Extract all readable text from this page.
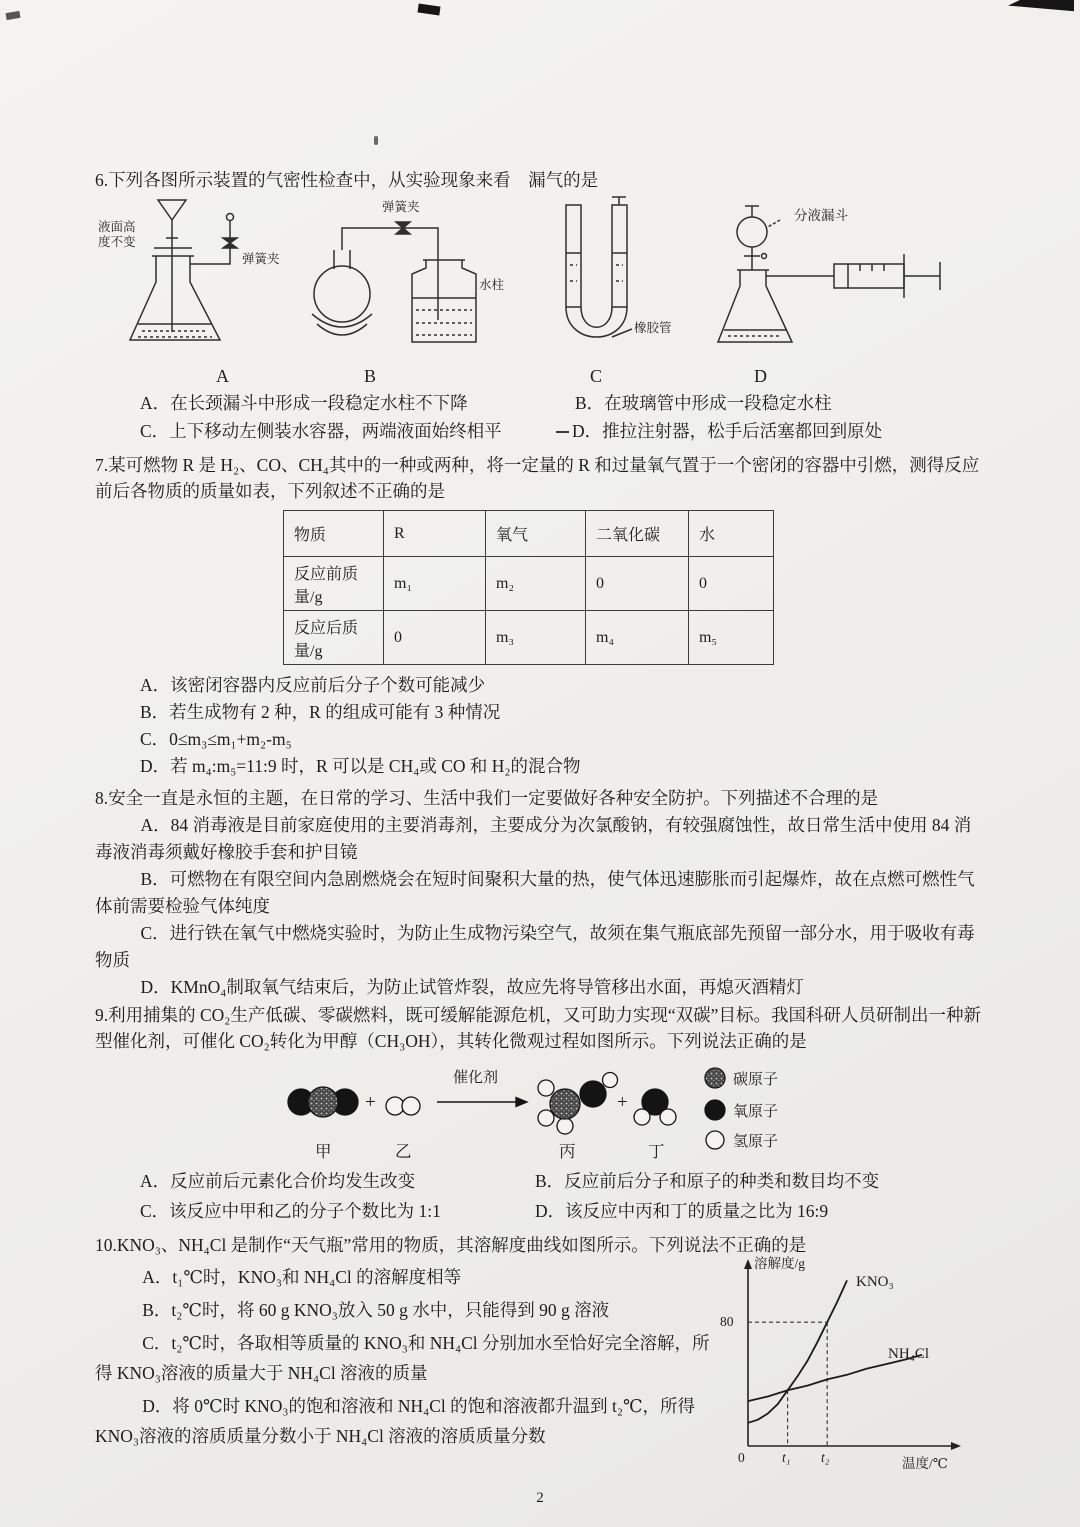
6.下列各图所示装置的气密性检查中，从实验现象来看　漏气的是
液面高度不变
弹簧夹
弹簧夹
水柱
橡胶管
分液漏斗
A	B	C	D
A．在长颈漏斗中形成一段稳定水柱不下降	B．在玻璃管中形成一段稳定水柱
C．上下移动左侧装水容器，两端液面始终相平	D．推拉注射器，松手后活塞都回到原处
7.某可燃物 R 是 H₂、CO、CH₄其中的一种或两种，将一定量的 R 和过量氧气置于一个密闭的容器中引燃，测得反应前后各物质的质量如表，下列叙述不正确的是
物质	R	氧气	二氧化碳	水
反应前质量/g	m₁	m₂	0	0
反应后质量/g	0	m₃	m₄	m₅
A．该密闭容器内反应前后分子个数可能减少
B．若生成物有 2 种，R 的组成可能有 3 种情况
C．0≤m₃≤m₁+m₂-m₅
D．若 m₄:m₅=11:9 时，R 可以是 CH₄或 CO 和 H₂的混合物
8.安全一直是永恒的主题，在日常的学习、生活中我们一定要做好各种安全防护。下列描述不合理的是

A．84 消毒液是目前家庭使用的主要消毒剂，主要成分为次氯酸钠，有较强腐蚀性，故日常生活中使用 84 消毒液消毒须戴好橡胶手套和护目镜

B．可燃物在有限空间内急剧燃烧会在短时间聚积大量的热，使气体迅速膨胀而引起爆炸，故在点燃可燃性气体前需要检验气体纯度

C．进行铁在氧气中燃烧实验时，为防止生成物污染空气，故须在集气瓶底部先预留一部分水，用于吸收有毒物质

D．KMnO₄制取氧气结束后，为防止试管炸裂，故应先将导管移出水面，再熄灭酒精灯

9.利用捕集的 CO₂生产低碳、零碳燃料，既可缓解能源危机，又可助力实现“双碳”目标。我国科研人员研制出一种新型催化剂，可催化 CO₂转化为甲醇（CH₃OH），其转化微观过程如图所示。下列说法正确的是
+
催化剂
+
甲	乙	丙	丁
碳原子
氧原子
氢原子
A．反应前后元素化合价均发生改变	B．反应前后分子和原子的种类和数目均不变
C．该反应中甲和乙的分子个数比为 1:1	D．该反应中丙和丁的质量之比为 16:9
10.KNO₃、NH₄Cl 是制作“天气瓶”常用的物质，其溶解度曲线如图所示。下列说法不正确的是

A．t₁℃时，KNO₃和 NH₄Cl 的溶解度相等

B．t₂℃时，将 60 g KNO₃放入 50 g 水中，只能得到 90 g 溶液

C．t₂℃时，各取相等质量的 KNO₃和 NH₄Cl 分别加水至恰好完全溶解，所得 KNO₃溶液的质量大于 NH₄Cl 溶液的质量

D．将 0℃时 KNO₃的饱和溶液和 NH₄Cl 的饱和溶液都升温到 t₂℃，所得 KNO₃溶液的溶质质量分数小于 NH₄Cl 溶液的溶质质量分数

溶解度/g
80
0	t₁ t₂	温度/℃
KNO₃
NH₄Cl
2
